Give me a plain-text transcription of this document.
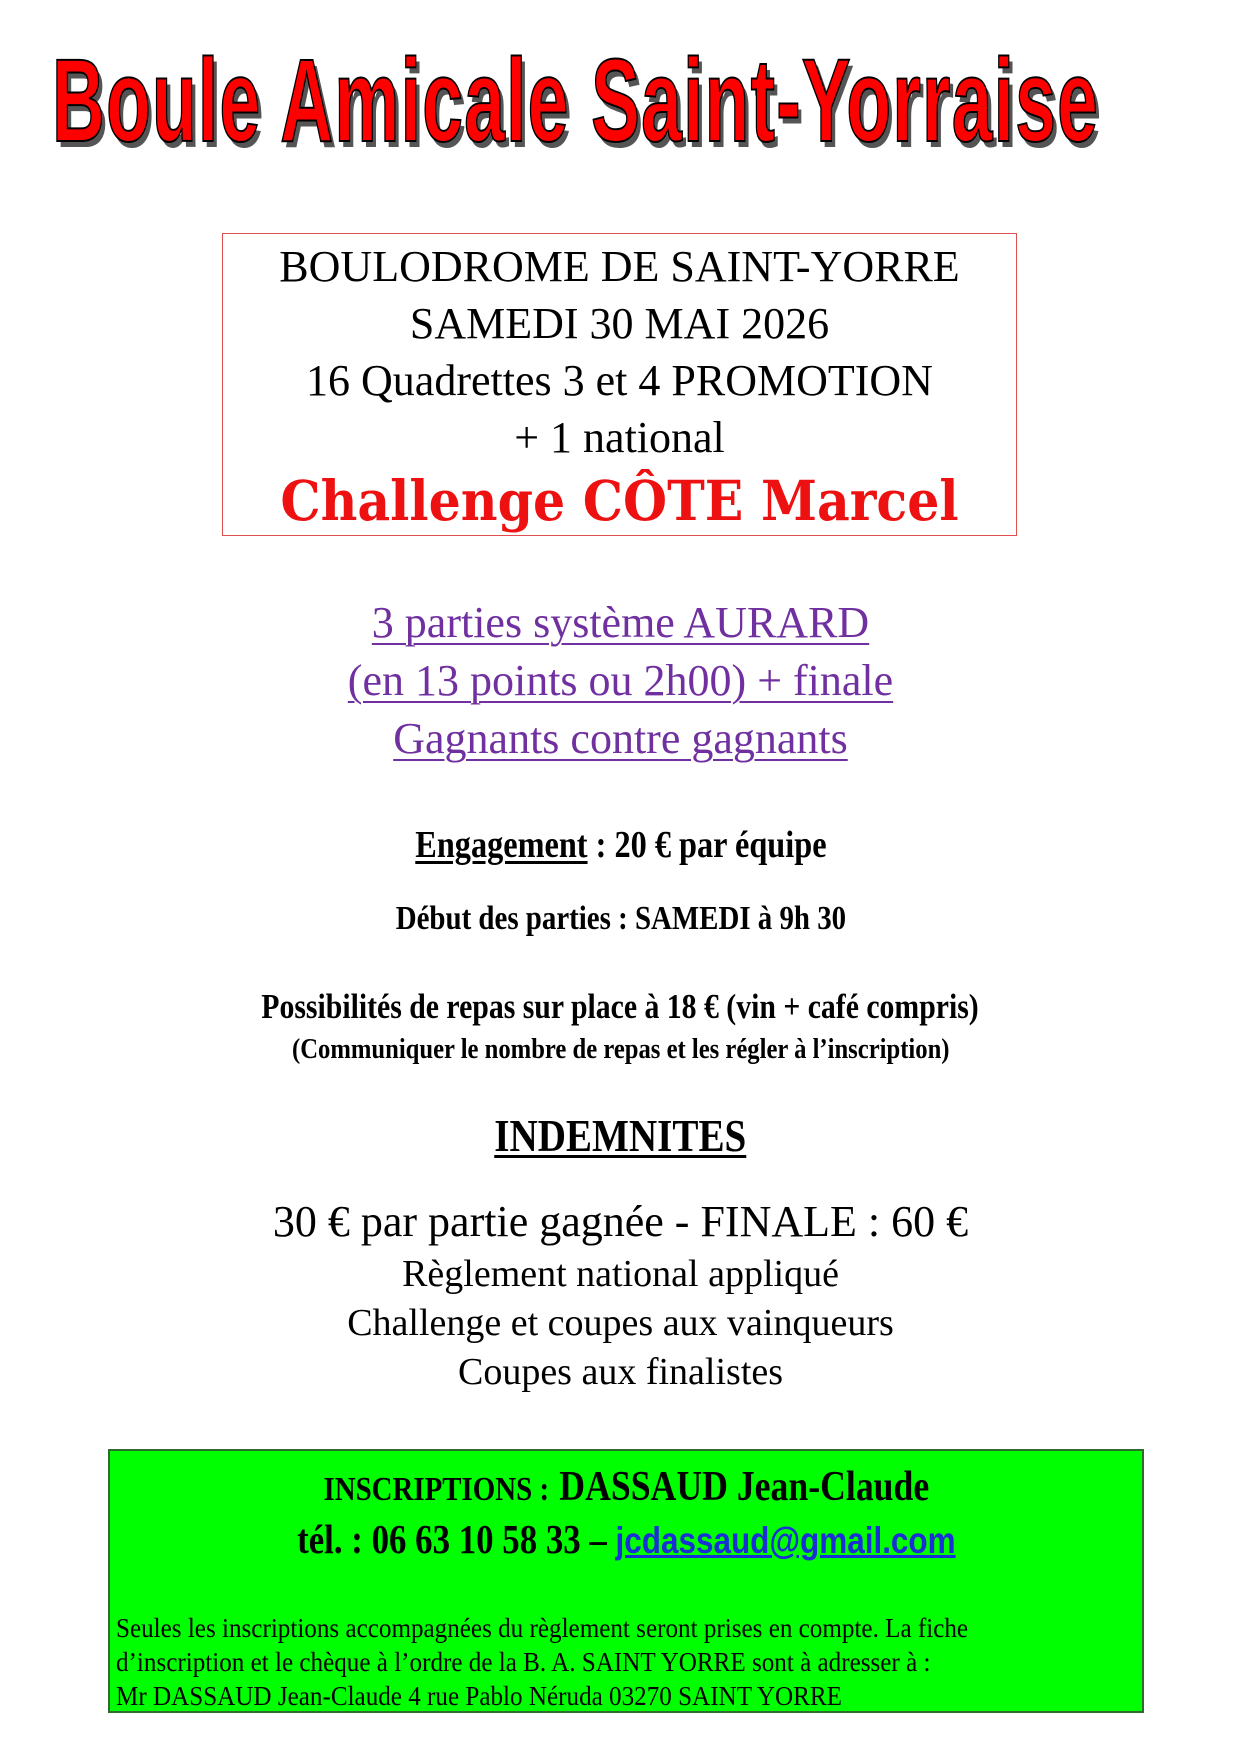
Boule Amicale Saint-Yorraise
BOULODROME DE SAINT-YORRE
SAMEDI 30 MAI 2026
16 Quadrettes 3 et 4 PROMOTION
+ 1 national
Challenge CÔTE Marcel
3 parties système AURARD
(en 13 points ou 2h00) + finale
Gagnants contre gagnants
Engagement : 20 € par équipe
Début des parties : SAMEDI à 9h 30
Possibilités de repas sur place à 18 € (vin + café compris)
(Communiquer le nombre de repas et les régler à l’inscription)
INDEMNITES
30 € par partie gagnée - FINALE : 60 €
Règlement national appliqué
Challenge et coupes aux vainqueurs
Coupes aux finalistes
INSCRIPTIONS : DASSAUD Jean-Claude
tél. : 06 63 10 58 33 – jcdassaud@gmail.com
Seules les inscriptions accompagnées du règlement seront prises en compte. La fiche
d’inscription et le chèque à l’ordre de la B. A. SAINT YORRE sont à adresser à :
Mr DASSAUD Jean-Claude 4 rue Pablo Néruda 03270 SAINT YORRE
